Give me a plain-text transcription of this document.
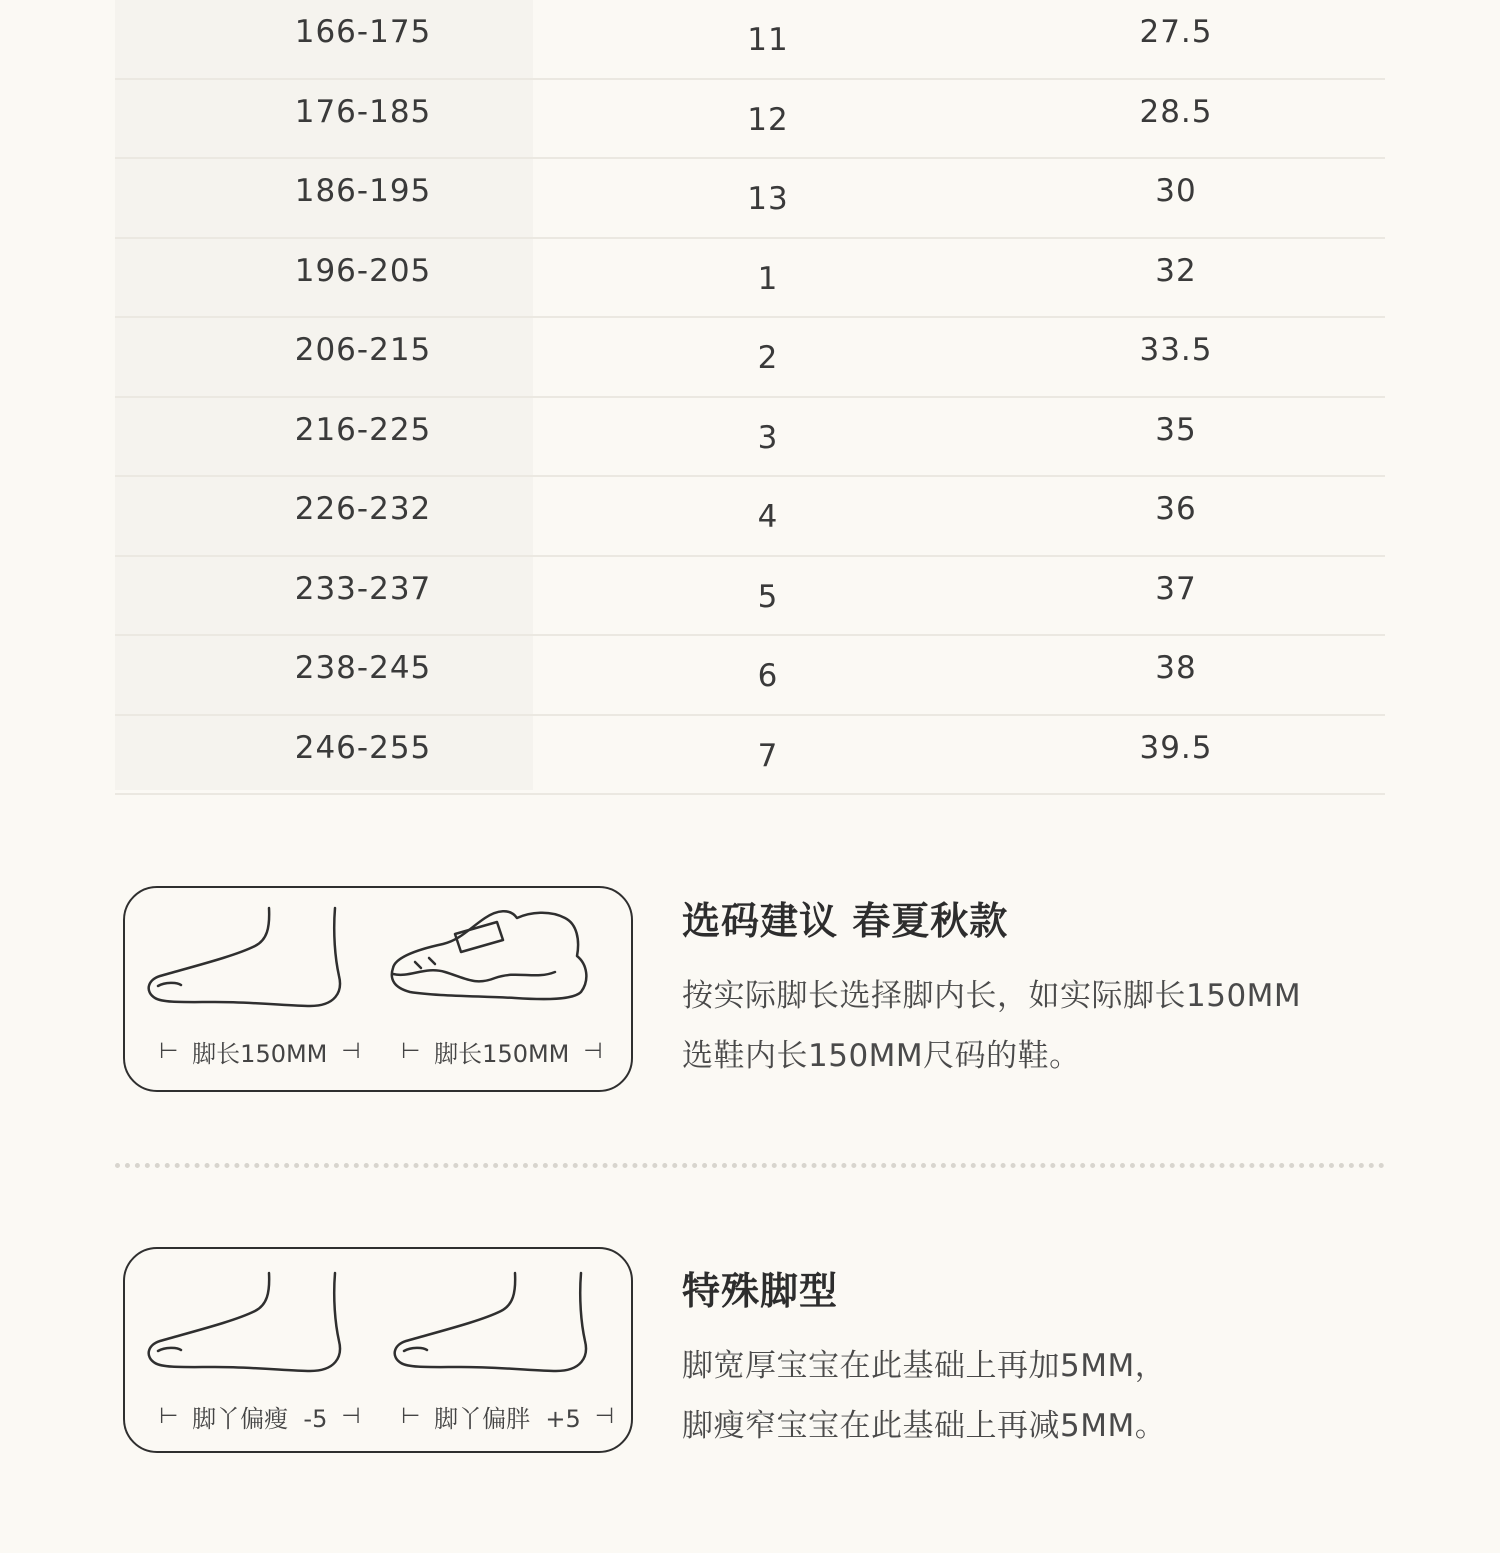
166-175	11	27.5
176-185	12	28.5
186-195	13	30
196-205	1	32
206-215	2	33.5
216-225	3	35
226-232	4	36
233-237	5	37
238-245	6	38
246-255	7	39.5
⊢ 脚长150MM ⊣ ⊢ 脚长150MM ⊣
选码建议 春夏秋款
按实际脚长选择脚内长，如实际脚长150MM
选鞋内长150MM尺码的鞋。
⊢ 脚丫偏瘦  -5 ⊣ ⊢ 脚丫偏胖  +5 ⊣
特殊脚型
脚宽厚宝宝在此基础上再加5MM，
脚瘦窄宝宝在此基础上再减5MM。
